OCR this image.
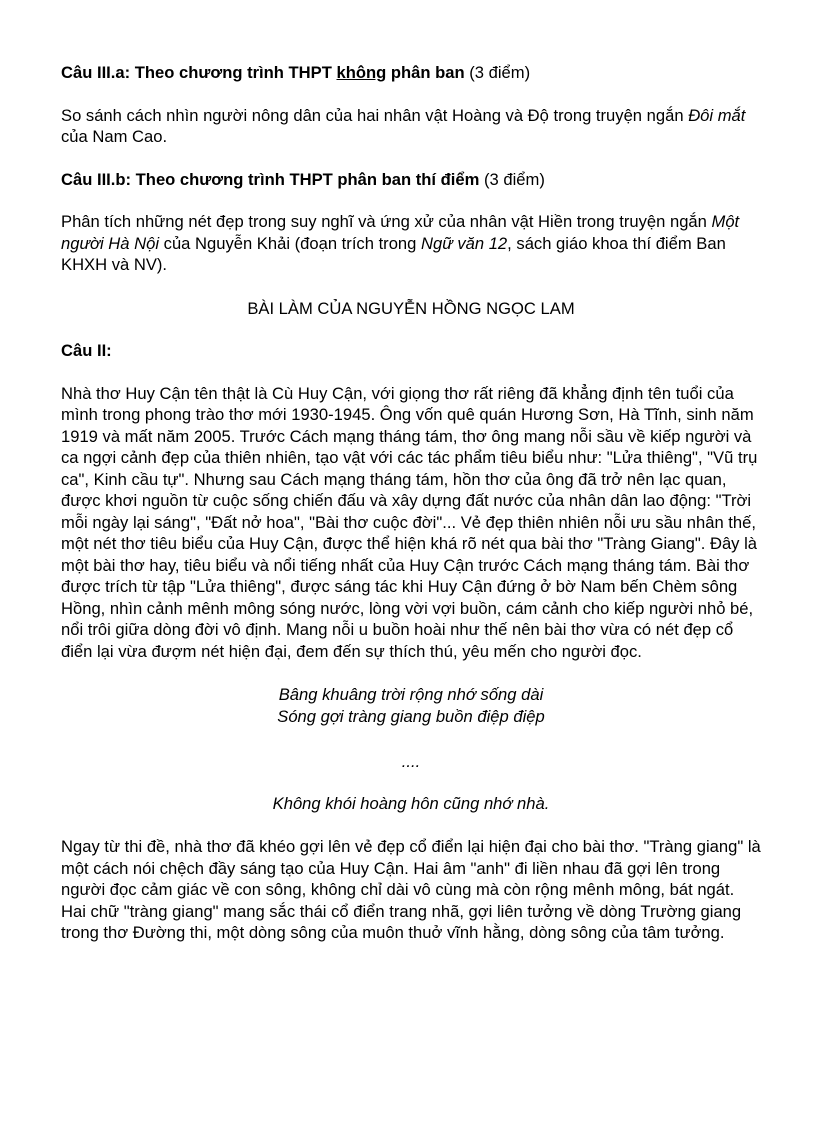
Câu III.a: Theo chương trình THPT không phân ban (3 điểm)

So sánh cách nhìn người nông dân của hai nhân vật Hoàng và Độ trong truyện ngắn Đôi mắt của Nam Cao.

Câu III.b: Theo chương trình THPT phân ban thí điểm (3 điểm)

Phân tích những nét đẹp trong suy nghĩ và ứng xử của nhân vật Hiền trong truyện ngắn Một người Hà Nội của Nguyễn Khải (đoạn trích trong Ngữ văn 12, sách giáo khoa thí điểm Ban KHXH và NV).

BÀI LÀM CỦA NGUYỄN HỒNG NGỌC LAM

Câu II:

Nhà thơ Huy Cận tên thật là Cù Huy Cận, với giọng thơ rất riêng đã khẳng định tên tuổi của mình trong phong trào thơ mới 1930-1945. Ông vốn quê quán Hương Sơn, Hà Tĩnh, sinh năm 1919 và mất năm 2005. Trước Cách mạng tháng tám, thơ ông mang nỗi sầu về kiếp người và ca ngợi cảnh đẹp của thiên nhiên, tạo vật với các tác phẩm tiêu biểu như: "Lửa thiêng", "Vũ trụ ca", Kinh cầu tự". Nhưng sau Cách mạng tháng tám, hồn thơ của ông đã trở nên lạc quan, được khơi nguồn từ cuộc sống chiến đấu và xây dựng đất nước của nhân dân lao động: "Trời mỗi ngày lại sáng", "Đất nở hoa", "Bài thơ cuộc đời"... Vẻ đẹp thiên nhiên nỗi ưu sầu nhân thế, một nét thơ tiêu biểu của Huy Cận, được thể hiện khá rõ nét qua bài thơ "Tràng Giang". Đây là một bài thơ hay, tiêu biểu và nổi tiếng nhất của Huy Cận trước Cách mạng tháng tám. Bài thơ được trích từ tập "Lửa thiêng", được sáng tác khi Huy Cận đứng ở bờ Nam bến Chèm sông Hồng, nhìn cảnh mênh mông sóng nước, lòng vời vợi buồn, cám cảnh cho kiếp người nhỏ bé, nổi trôi giữa dòng đời vô định. Mang nỗi u buồn hoài như thế nên bài thơ vừa có nét đẹp cổ điển lại vừa đượm nét hiện đại, đem đến sự thích thú, yêu mến cho người đọc.

Bâng khuâng trời rộng nhớ sống dài

Sóng gợi tràng giang buồn điệp điệp

....

Không khói hoàng hôn cũng nhớ nhà.

Ngay từ thi đề, nhà thơ đã khéo gợi lên vẻ đẹp cổ điển lại hiện đại cho bài thơ. "Tràng giang" là một cách nói chệch đầy sáng tạo của Huy Cận. Hai âm "anh" đi liền nhau đã gợi lên trong người đọc cảm giác về con sông, không chỉ dài vô cùng mà còn rộng mênh mông, bát ngát. Hai chữ "tràng giang" mang sắc thái cổ điển trang nhã, gợi liên tưởng về dòng Trường giang trong thơ Đường thi, một dòng sông của muôn thuở vĩnh hằng, dòng sông của tâm tưởng.
